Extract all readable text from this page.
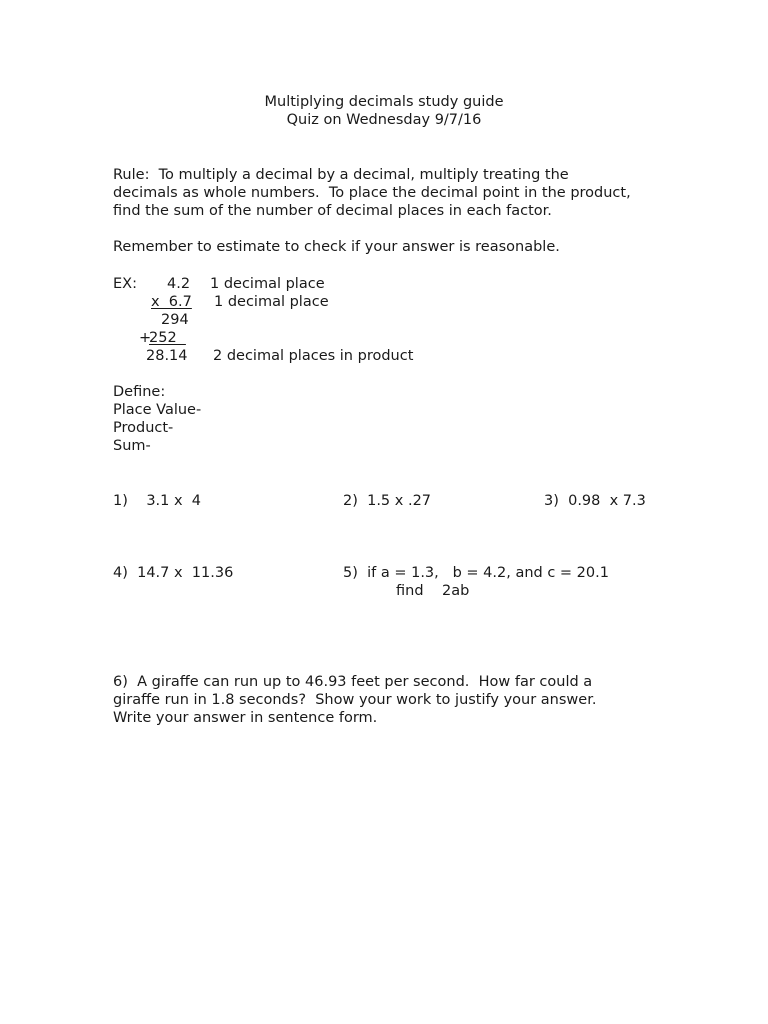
Multiplying decimals study guide
Quiz on Wednesday 9/7/16
Rule:  To multiply a decimal by a decimal, multiply treating the
decimals as whole numbers.  To place the decimal point in the product,
find the sum of the number of decimal places in each factor.
Remember to estimate to check if your answer is reasonable.
EX: 4.2 1 decimal place
x  6.7 1 decimal place
294
+
252
28.14 2 decimal places in product
Define:
Place Value-
Product-
Sum-
1)    3.1 x  4	2)  1.5 x .27	3)  0.98  x 7.3
4)  14.7 x  11.36	5)  if a = 1.3,   b = 4.2, and c = 20.1
find    2ab
6)  A giraffe can run up to 46.93 feet per second.  How far could a
giraffe run in 1.8 seconds?  Show your work to justify your answer.
Write your answer in sentence form.
